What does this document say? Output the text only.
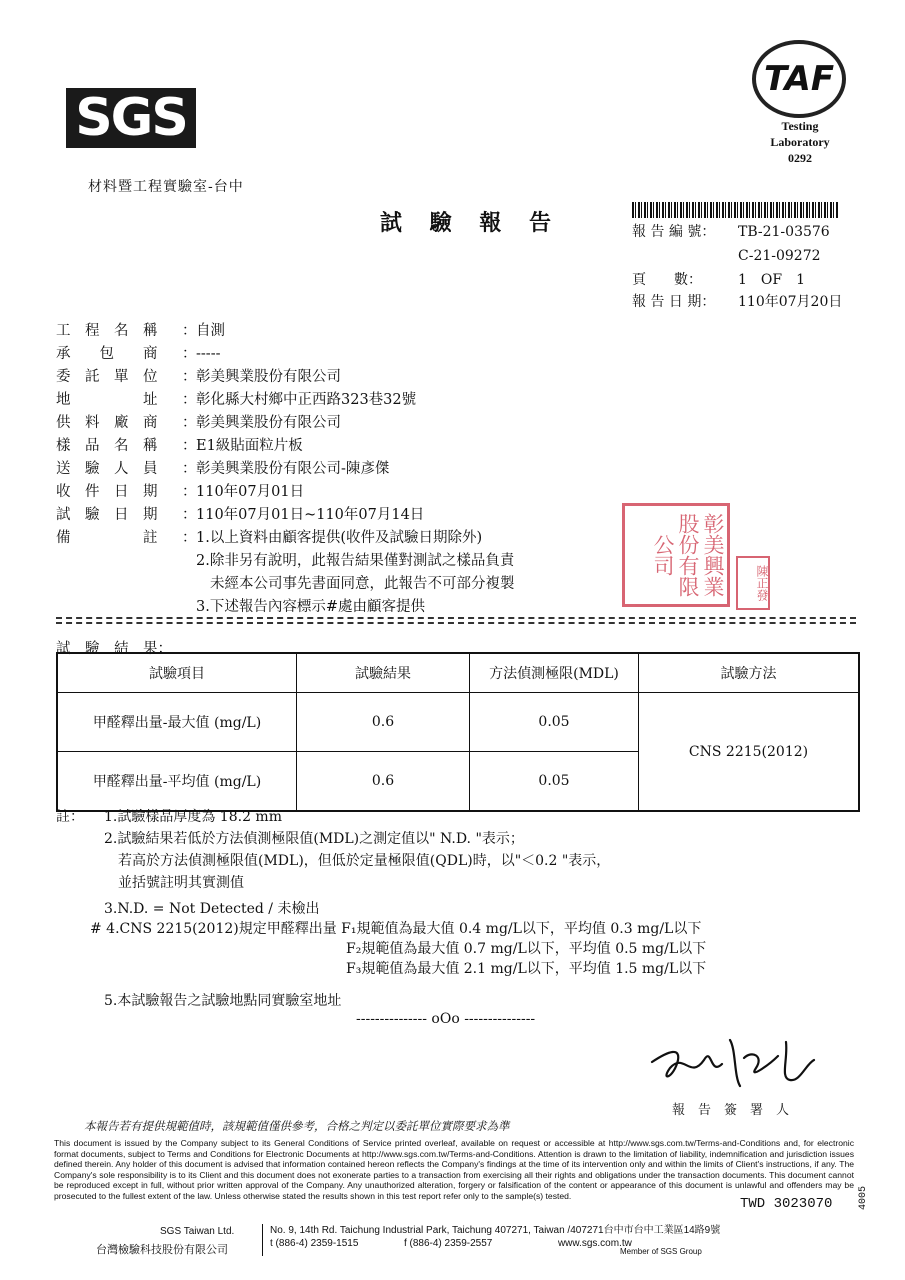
SGS
材料暨工程實驗室-台中
TAF
Testing Laboratory
0292
試 驗 報 告	報 告 編 號： TB-21-03576
C-21-09272
頁　　數：	1　OF　1
報 告 日 期： 110年07月20日
工　程　名　稱 ：自測
承　　包　　商 ：-----
委　託　單　位 ：彰美興業股份有限公司
地　　　　　址 ：彰化縣大村鄉中正西路323巷32號
供　料　廠　商 ：彰美興業股份有限公司
樣　品　名　稱 ：E1級貼面粒片板
送　驗　人　員 ：彰美興業股份有限公司-陳彥傑
收　件　日　期 ：110年07月01日
試　驗　日　期 ：110年07月01日~110年07月14日
備　　　　　註 ：1.以上資料由顧客提供(收件及試驗日期除外)
2.除非另有說明，此報告結果僅對測試之樣品負責
未經本公司事先書面同意，此報告不可部分複製
3.下述報告內容標示#處由顧客提供
彰美興業股份有限公司
陳正發
試　驗　結　果：
試驗項目	試驗結果	方法偵測極限(MDL)	試驗方法
甲醛釋出量-最大值 (mg/L)	0.6	0.05	CNS 2215(2012)
甲醛釋出量-平均值 (mg/L)	0.6	0.05	
註： 1.試驗樣品厚度為 18.2 mm
2.試驗結果若低於方法偵測極限值(MDL)之測定值以" N.D. "表示；
若高於方法偵測極限值(MDL)，但低於定量極限值(QDL)時，以"＜0.2 "表示，
並括號註明其實測值
3.N.D. = Not Detected / 未檢出
# 4.CNS 2215(2012)規定甲醛釋出量 F₁規範值為最大值 0.4 mg/L以下，平均值 0.3 mg/L以下
F₂規範值為最大值 0.7 mg/L以下，平均值 0.5 mg/L以下
F₃規範值為最大值 2.1 mg/L以下，平均值 1.5 mg/L以下
5.本試驗報告之試驗地點同實驗室地址
--------------- oOo ---------------
報　告　簽　署　人
本報告若有提供規範值時，該規範值僅供參考，合格之判定以委託單位實際要求為準
This document is issued by the Company subject to its General Conditions of Service printed overleaf, available on request or accessible at http://www.sgs.com.tw/Terms-and-Conditions and, for electronic format documents, subject to Terms and Conditions for Electronic Documents at http://www.sgs.com.tw/Terms-and-Conditions. Attention is drawn to the limitation of liability, indemnification and jurisdiction issues defined therein. Any holder of this document is advised that information contained hereon reflects the Company's findings at the time of its intervention only and within the limits of Client's instructions, if any. The Company's sole responsibility is to its Client and this document does not exonerate parties to a transaction from exercising all their rights and obligations under the transaction documents. This document cannot be reproduced except in full, without prior written approval of the Company. Any unauthorized alteration, forgery or falsification of the content or appearance of this document is unlawful and offenders may be prosecuted to the fullest extent of the law. Unless otherwise stated the results shown in this test report refer only to the sample(s) tested.
TWD 3023070
SGS Taiwan Ltd.
台灣檢驗科技股份有限公司
No. 9, 14th Rd. Taichung Industrial Park, Taichung 407271, Taiwan /407271台中市台中工業區14路9號
t (886-4) 2359-1515	f (886-4) 2359-2557	www.sgs.com.tw
Member of SGS Group
4005
